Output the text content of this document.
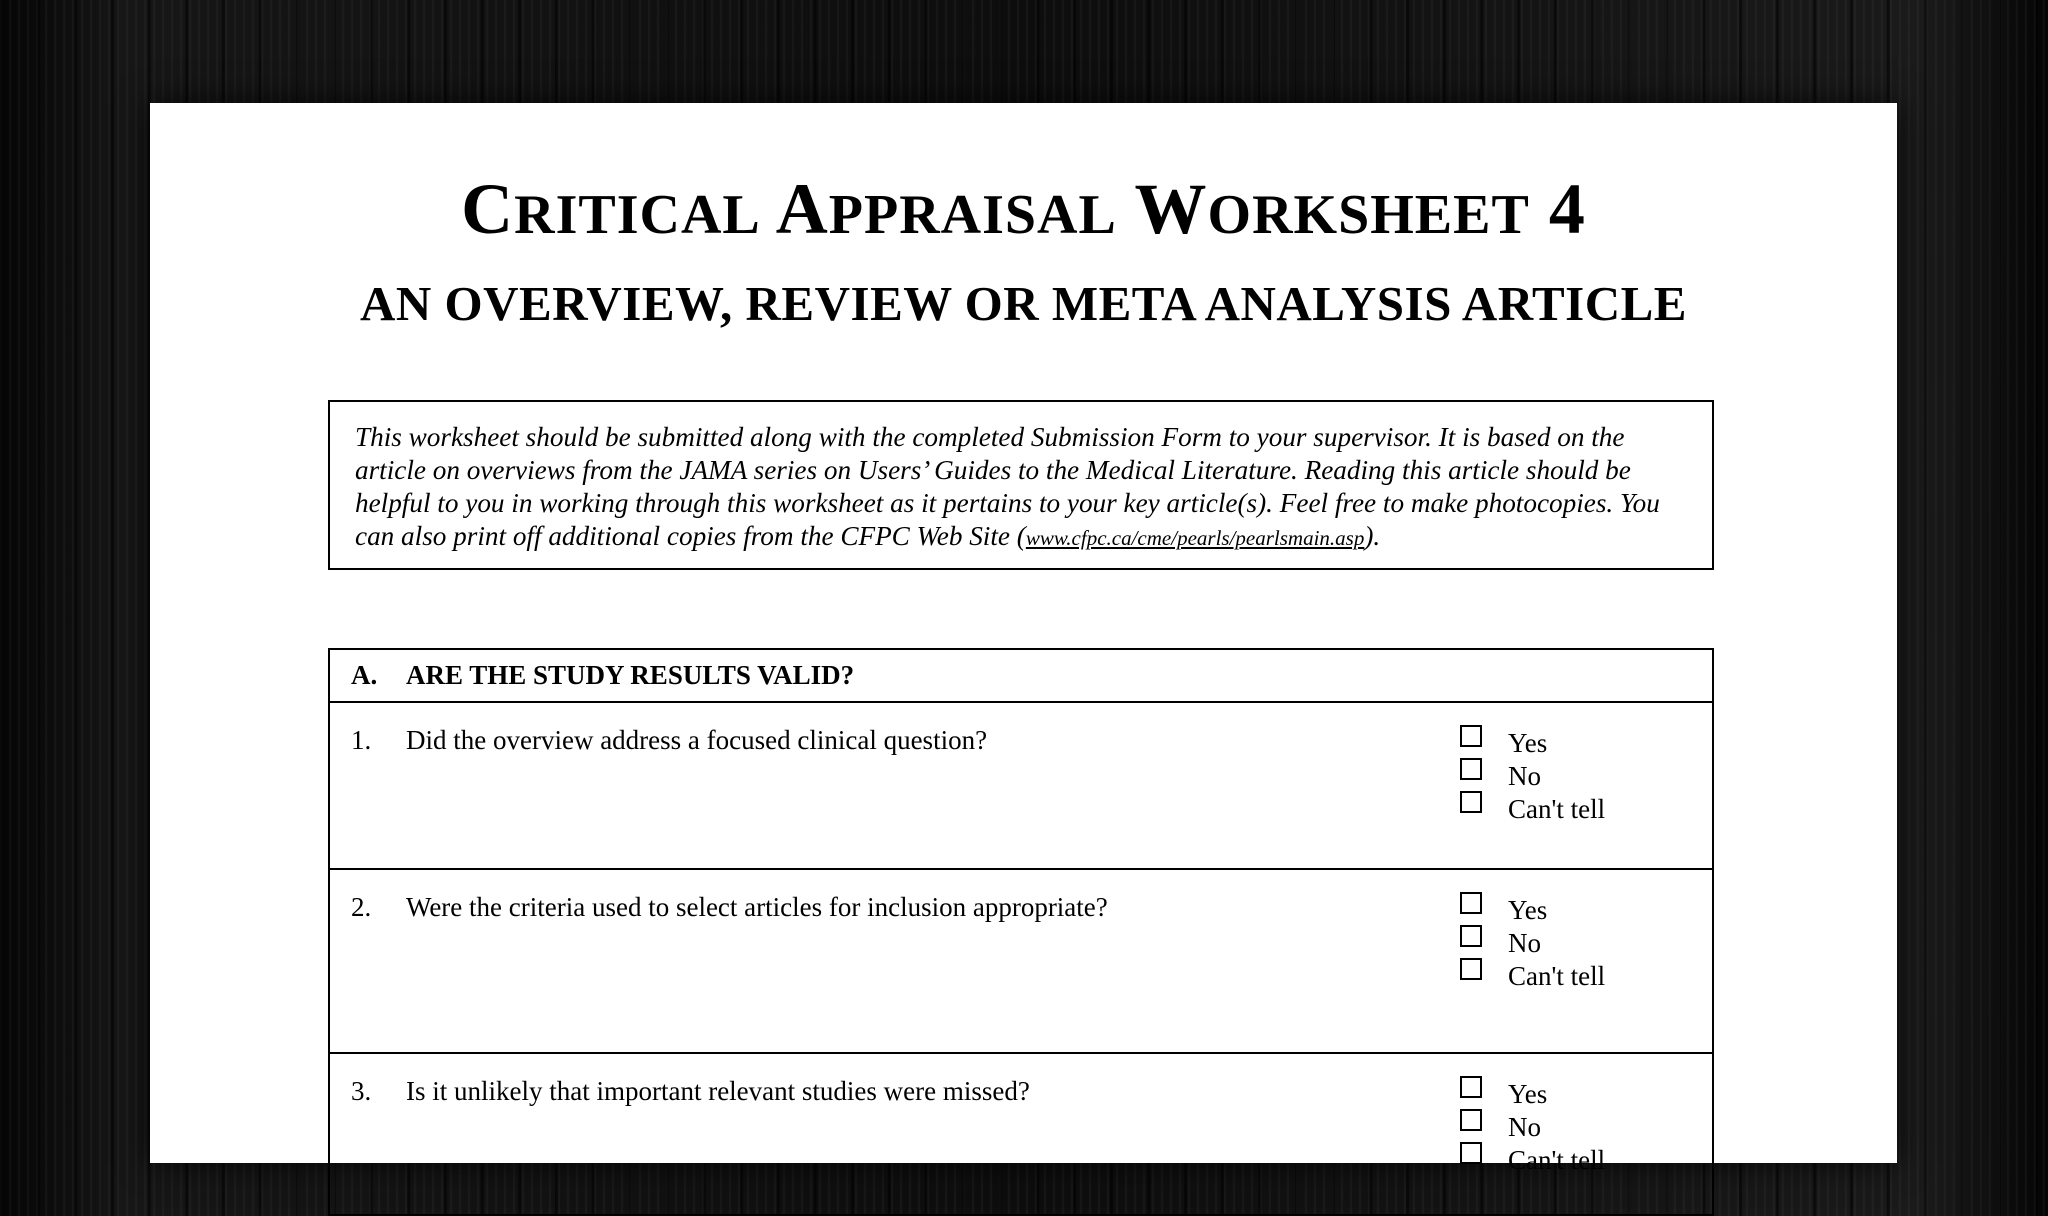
CRITICAL APPRAISAL WORKSHEET 4
AN OVERVIEW, REVIEW OR META ANALYSIS ARTICLE
This worksheet should be submitted along with the completed Submission Form to your supervisor. It is based on the article on overviews from the JAMA series on Users’ Guides to the Medical Literature. Reading this article should be helpful to you in working through this worksheet as it pertains to your key article(s). Feel free to make photocopies. You can also print off additional copies from the CFPC Web Site (www.cfpc.ca/cme/pearls/pearlsmain.asp).
A. ARE THE STUDY RESULTS VALID?
1. Did the overview address a focused clinical question?	Yes
No
Can't tell
2. Were the criteria used to select articles for inclusion appropriate?	Yes
No
Can't tell
3. Is it unlikely that important relevant studies were missed?	Yes
No
Can't tell
